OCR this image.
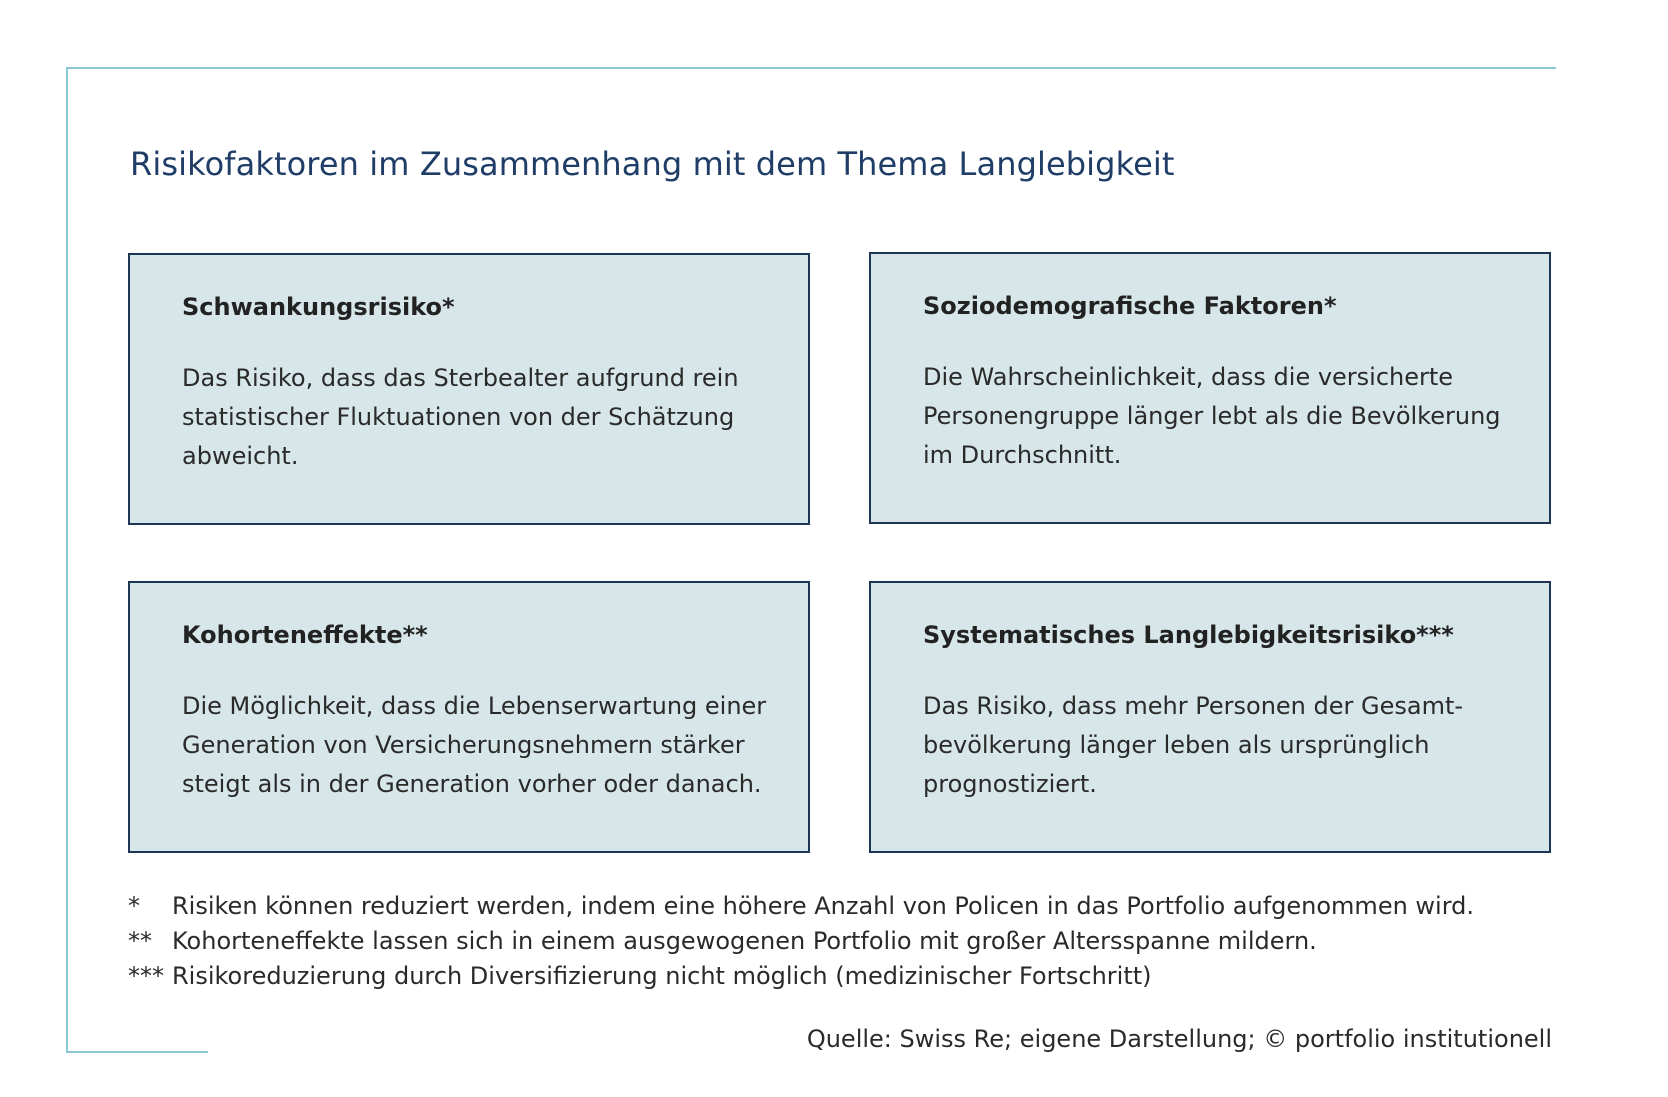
Risikofaktoren im Zusammenhang mit dem Thema Langlebigkeit
Schwankungsrisiko*
Das Risiko, dass das Sterbealter aufgrund rein
statistischer Fluktuationen von der Schätzung
abweicht.
Soziodemografische Faktoren*
Die Wahrscheinlichkeit, dass die versicherte
Personengruppe länger lebt als die Bevölkerung
im Durchschnitt.
Kohorteneffekte**
Die Möglichkeit, dass die Lebenserwartung einer
Generation von Versicherungsnehmern stärker
steigt als in der Generation vorher oder danach.
Systematisches Langlebigkeitsrisiko***
Das Risiko, dass mehr Personen der Gesamt-
bevölkerung länger leben als ursprünglich
prognostiziert.
*	Risiken können reduziert werden, indem eine höhere Anzahl von Policen in das Portfolio aufgenommen wird.
** Kohorteneffekte lassen sich in einem ausgewogenen Portfolio mit großer Altersspanne mildern.
*** Risikoreduzierung durch Diversifizierung nicht möglich (medizinischer Fortschritt)
Quelle: Swiss Re; eigene Darstellung; © portfolio institutionell
